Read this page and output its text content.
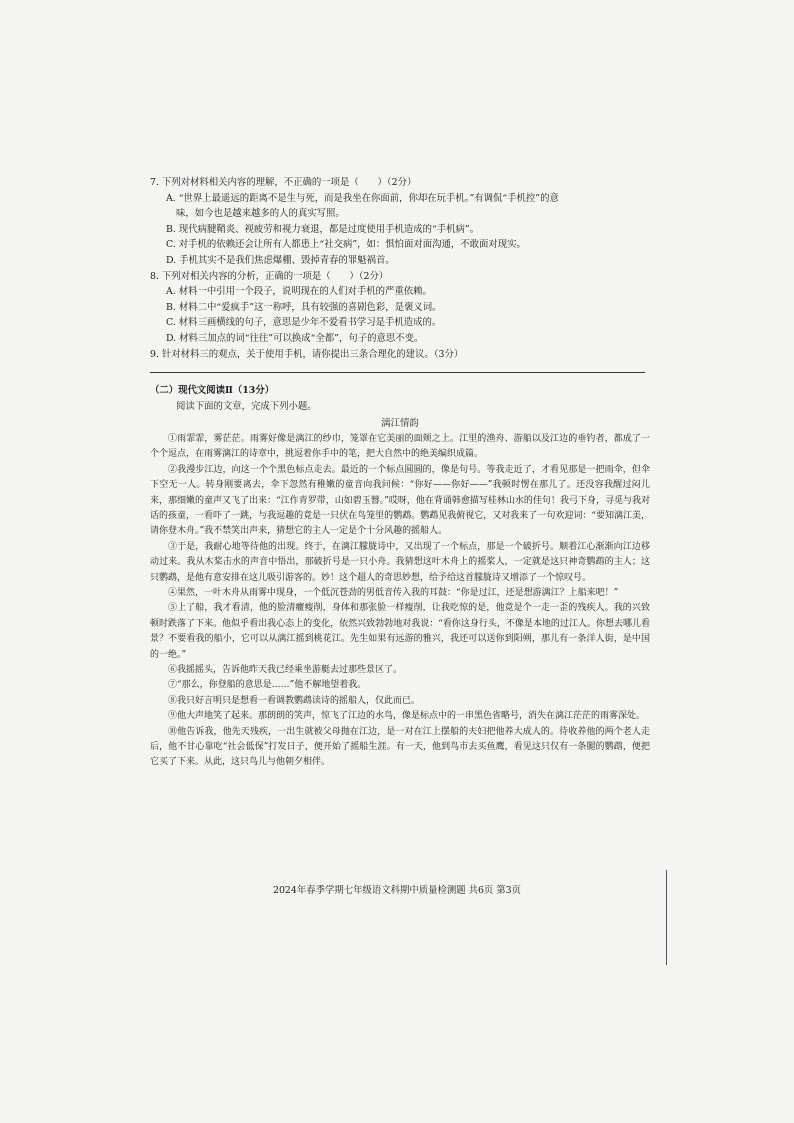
7. 下列对材料相关内容的理解，不正确的一项是（　　）（2分）

A. “世界上最遥远的距离不是生与死，而是我坐在你面前，你却在玩手机。”有调侃“手机控”的意

味，如今也是越来越多的人的真实写照。

B. 现代病腱鞘炎、视疲劳和视力衰退，都是过度使用手机造成的“手机病”。

C. 对手机的依赖还会让所有人都患上“社交病”，如：惧怕面对面沟通，不敢面对现实。

D. 手机其实不是我们焦虑爆棚、毁掉青春的罪魁祸首。

8. 下列对相关内容的分析，正确的一项是（　　）（2分）

A. 材料一中引用一个段子，说明现在的人们对手机的严重依赖。

B. 材料二中“爱疯手”这一称呼，具有较强的喜剧色彩，是褒义词。

C. 材料三画横线的句子，意思是少年不爱看书学习是手机造成的。

D. 材料三加点的词“往往”可以换成“全都”，句子的意思不变。

9. 针对材料三的观点，关于使用手机，请你提出三条合理化的建议。（3分）

（二）现代文阅读Ⅱ（13分）

阅读下面的文章，完成下列小题。

漓江情韵

①雨霏霏，雾茫茫。雨雾好像是漓江的纱巾，笼罩在它美丽的面颊之上。江里的渔舟、游船以及江边的垂钓者，都成了一个个逗点，在雨雾漓江的诗章中，挑逗着你手中的笔，把大自然中的绝美编织成篇。

②我漫步江边，向这一个个黑色标点走去。最近的一个标点圆圆的，像是句号。等我走近了，才看见那是一把雨伞，但伞下空无一人。转身刚要离去，伞下忽然有稚嫩的童音向我问候：“你好——你好——”我顿时愣在那儿了。还没容我醒过闷儿来，那细嫩的童声又飞了出来：“江作青罗带，山如碧玉簪。”哎呀，他在背诵韩愈描写桂林山水的佳句！我弓下身，寻觅与我对话的孩童，一看吓了一跳，与我逗趣的竟是一只伏在鸟笼里的鹦鹉。鹦鹉见我俯视它，又对我来了一句欢迎词：“要知漓江美，请你登木舟。”我不禁笑出声来，猜想它的主人一定是个十分风趣的摇船人。

③于是，我耐心地等待他的出现。终于，在漓江朦胧诗中，又出现了一个标点，那是一个破折号。顺着江心渐渐向江边移动过来。我从木桨击水的声音中悟出，那破折号是一只小舟。我猜想这叶木舟上的摇桨人，一定就是这只神奇鹦鹉的主人；这只鹦鹉，是他有意安排在这儿吸引游客的。妙！这个超人的奇思妙想，给予给这首朦胧诗又增添了一个惊叹号。

④果然，一叶木舟从雨雾中现身，一个低沉苍劲的男低音传入我的耳鼓：“你是过江，还是想游漓江？上船来吧！”

⑤上了船，我才看清，他的脸清癯瘦削，身体和那张脸一样瘦削，让我吃惊的是，他竟是个一走一歪的残疾人。我的兴致顿时跌落了下来。他似乎看出我心态上的变化，依然兴致勃勃地对我说：“看你这身行头，不像是本地的过江人。你想去哪儿看景？不要看我的船小，它可以从漓江摇到桃花江。先生如果有远游的雅兴，我还可以送你到阳朔，那儿有一条洋人街，是中国的一绝。”

⑥我摇摇头，告诉他昨天我已经乘坐游艇去过那些景区了。

⑦“那么，你登船的意思是……”他不解地望着我。

⑧我只好言明只是想看一看调教鹦鹉读诗的摇船人，仅此而已。

⑨他大声地笑了起来。那朗朗的笑声，惊飞了江边的水鸟，像是标点中的一串黑色省略号，消失在漓江茫茫的雨雾深处。

⑩他告诉我，他先天残疾，一出生就被父母抛在江边，是一对在江上摆船的夫妇把他养大成人的。待收养他的两个老人走后，他不甘心靠吃“社会低保”打发日子，便开始了摇船生涯。有一天，他到鸟市去买鱼鹰，看见这只仅有一条腿的鹦鹉，便把它买了下来。从此，这只鸟儿与他朝夕相伴。

2024年春季学期七年级语文科期中质量检测题 共6页 第3页
